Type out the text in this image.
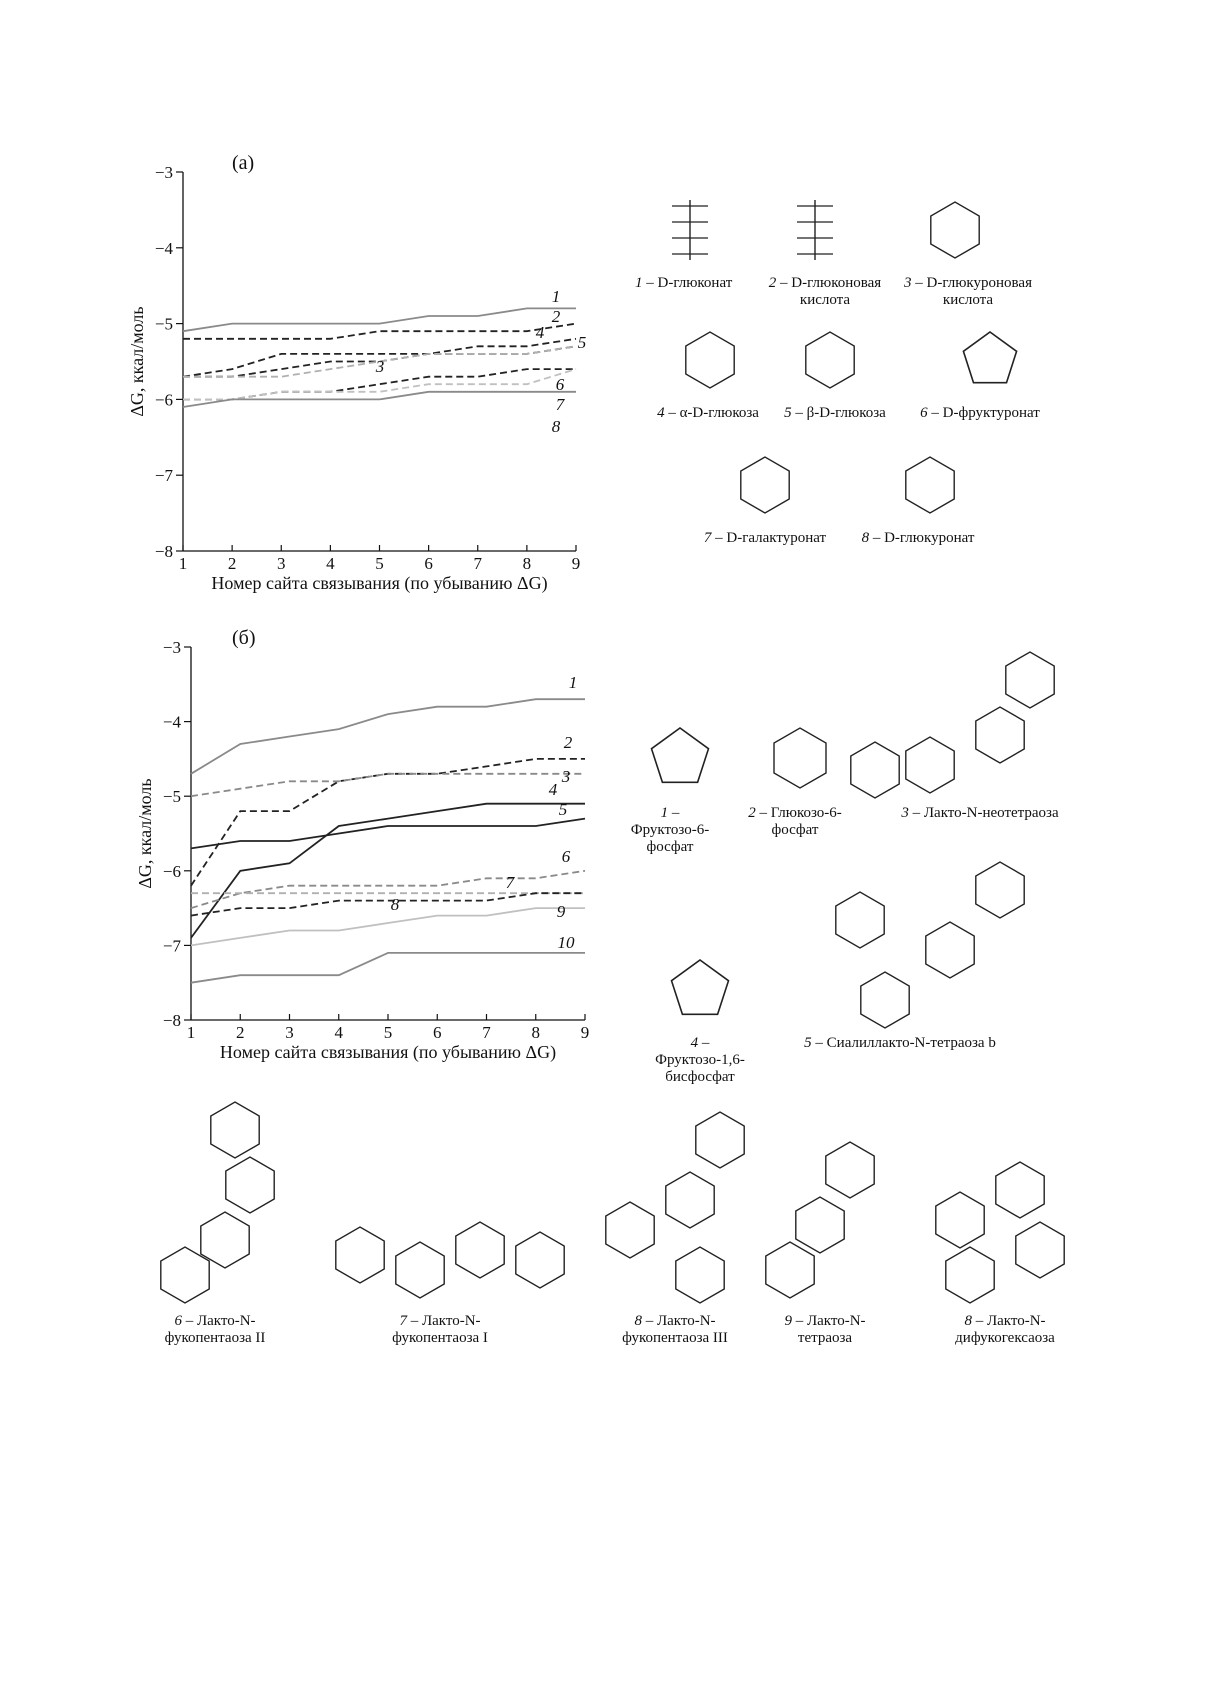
−3
−4
−5
−6
−7
−8
1 2 3 4 5 6 7 8 9
Номер сайта связывания (по убыванию ΔG)
ΔG, ккал/моль
1
2
4
5
3
6
7
8
−3
−4
−5
−6
−7
−8
1 2 3 4 5 6 7 8 9
Номер сайта связывания (по убыванию ΔG)
ΔG, ккал/моль
1
2
3
4
5
6
7
8	9
10
(а)
(б)
1 – D-глюконат	2 – D-глюконовая кислота
3 – D-глюкуроновая кислота
4 – α-D-глюкоза	5 – β-D-глюкоза	6 – D-фруктуронат
7 – D-галактуронат	8 – D-глюкуронат
1 – Фруктозо-6-фосфат
2 – Глюкозо-6-фосфат
3 – Лакто-N-неотетраоза
4 – Фруктозо-1,6-бисфосфат
5 – Сиалиллакто-N-тетраоза b
6 – Лакто-N-фукопентаоза II
7 – Лакто-N-фукопентаоза I
8 – Лакто-N-фукопентаоза III
9 – Лакто-N-тетраоза
8 – Лакто-N-дифукогексаоза
